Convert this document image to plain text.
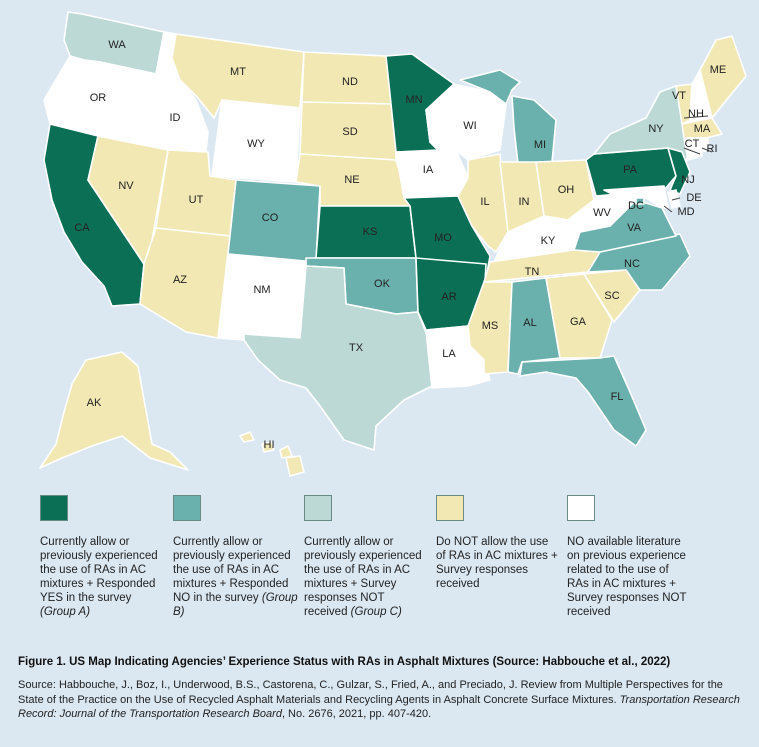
WA
OR
CA
ID
NV
MT
WY
UT
AZ
CO
NM
ND
SD
NE
KS
OK
TX
MN
IA
MO
AR
LA
WI
IL
MI
IN
OH
KY
TN
MS AL	GA
FL
SC
NC
VA
WV
PA
NY
NJ
DE
MD
DC
VT
NH
ME
MA
CT RI
AK
HI
Currently allow or previously experienced the use of RAs in AC mixtures + Responded YES in the survey (Group A)
Currently allow or previously experienced the use of RAs in AC mixtures + Responded NO in the survey (Group B)
Currently allow or previously experienced the use of RAs in AC mixtures + Survey responses NOT received (Group C)
Do NOT allow the use of RAs in AC mixtures + Survey responses received
NO available literature on previous experience related to the use of RAs in AC mixtures + Survey responses NOT received
Figure 1. US Map Indicating Agencies’ Experience Status with RAs in Asphalt Mixtures (Source: Habbouche et al., 2022)
Source: Habbouche, J., Boz, I., Underwood, B.S., Castorena, C., Gulzar, S., Fried, A., and Preciado, J. Review from Multiple Perspectives for the State of the Practice on the Use of Recycled Asphalt Materials and Recycling Agents in Asphalt Concrete Surface Mixtures. Transportation Research Record: Journal of the Transportation Research Board, No. 2676, 2021, pp. 407-420.
